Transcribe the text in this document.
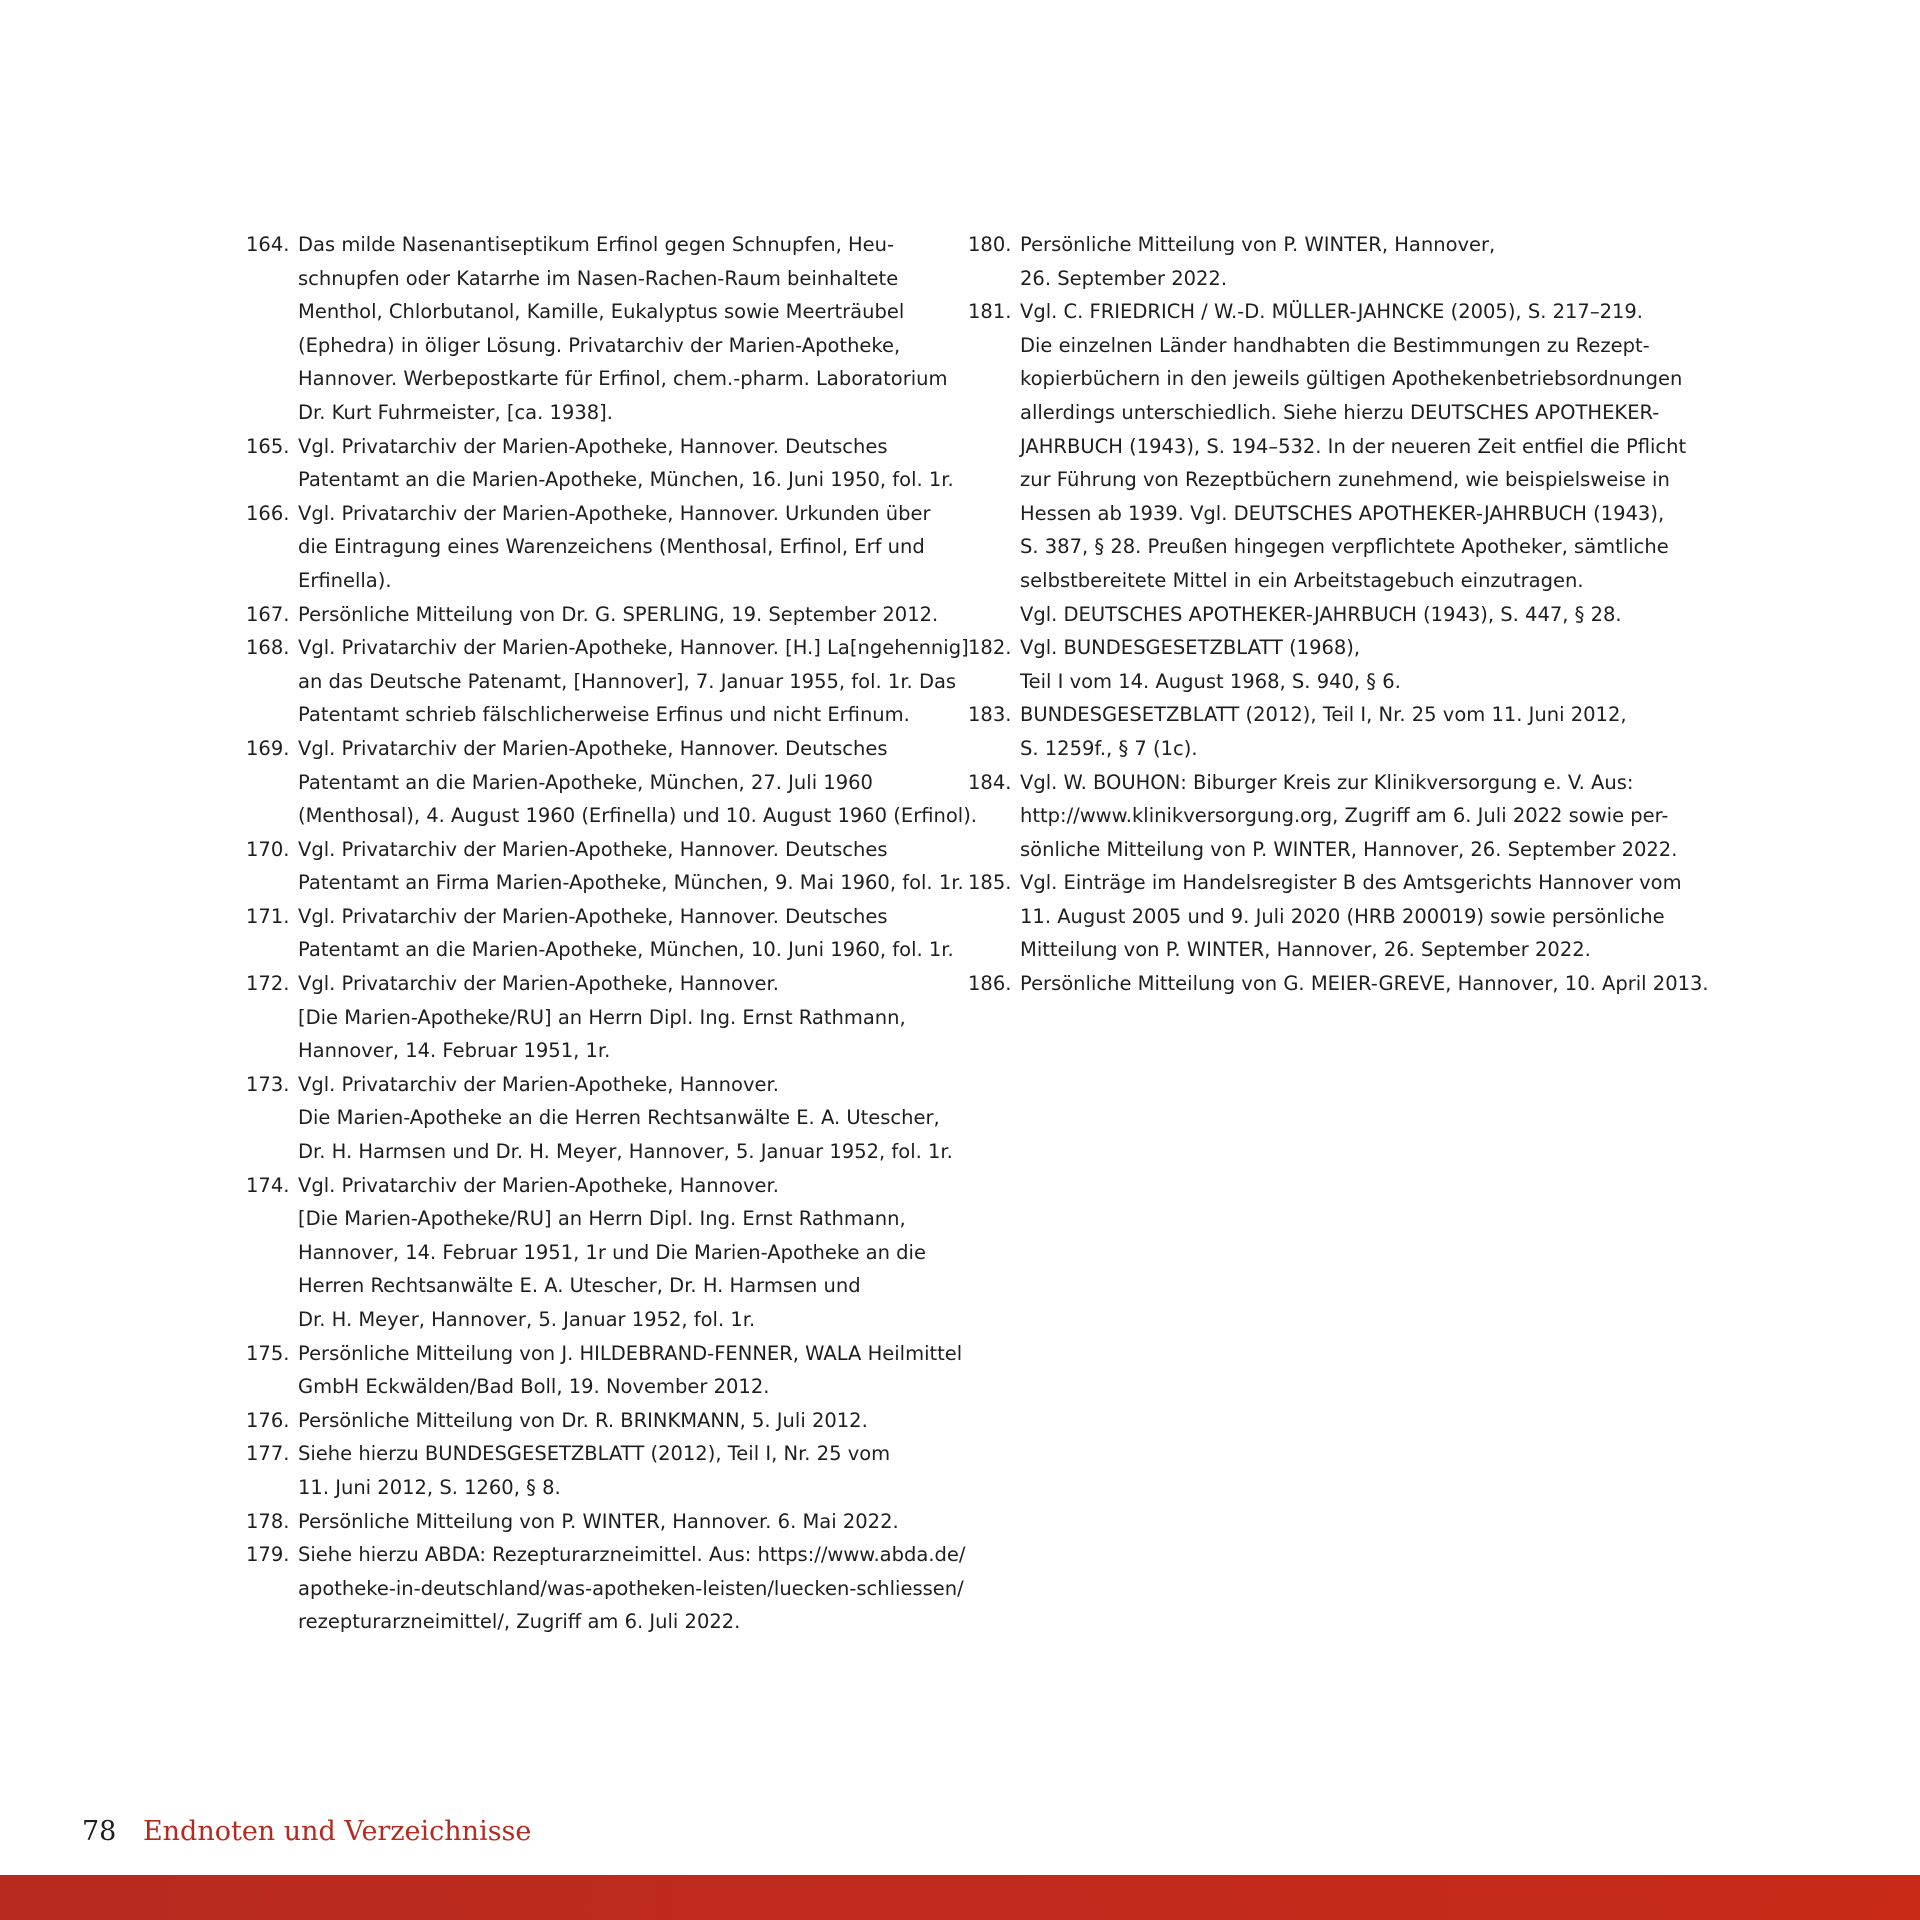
164. Das milde Nasenantiseptikum Erfinol gegen Schnupfen, Heu-
schnupfen oder Katarrhe im Nasen-Rachen-Raum beinhaltete
Menthol, Chlorbutanol, Kamille, Eukalyptus sowie Meerträubel
(Ephedra) in öliger Lösung. Privatarchiv der Marien-Apotheke,
Hannover. Werbepostkarte für Erfinol, chem.-pharm. Laboratorium
Dr. Kurt Fuhrmeister, [ca. 1938].
165. Vgl. Privatarchiv der Marien-Apotheke, Hannover. Deutsches
Patentamt an die Marien-Apotheke, München, 16. Juni 1950, fol. 1r.
166. Vgl. Privatarchiv der Marien-Apotheke, Hannover. Urkunden über
die Eintragung eines Warenzeichens (Menthosal, Erfinol, Erf und
Erfinella).
167. Persönliche Mitteilung von Dr. G. SPERLING, 19. September 2012.
168. Vgl. Privatarchiv der Marien-Apotheke, Hannover. [H.] La[ngehennig]
an das Deutsche Patenamt, [Hannover], 7. Januar 1955, fol. 1r. Das
Patentamt schrieb fälschlicherweise Erfinus und nicht Erfinum.
169. Vgl. Privatarchiv der Marien-Apotheke, Hannover. Deutsches
Patentamt an die Marien-Apotheke, München, 27. Juli 1960
(Menthosal), 4. August 1960 (Erfinella) und 10. August 1960 (Erfinol).
170. Vgl. Privatarchiv der Marien-Apotheke, Hannover. Deutsches
Patentamt an Firma Marien-Apotheke, München, 9. Mai 1960, fol. 1r.
171. Vgl. Privatarchiv der Marien-Apotheke, Hannover. Deutsches
Patentamt an die Marien-Apotheke, München, 10. Juni 1960, fol. 1r.
172. Vgl. Privatarchiv der Marien-Apotheke, Hannover.
[Die Marien-Apotheke/RU] an Herrn Dipl. Ing. Ernst Rathmann,
Hannover, 14. Februar 1951, 1r.
173. Vgl. Privatarchiv der Marien-Apotheke, Hannover.
Die Marien-Apotheke an die Herren Rechtsanwälte E. A. Utescher,
Dr. H. Harmsen und Dr. H. Meyer, Hannover, 5. Januar 1952, fol. 1r.
174. Vgl. Privatarchiv der Marien-Apotheke, Hannover.
[Die Marien-Apotheke/RU] an Herrn Dipl. Ing. Ernst Rathmann,
Hannover, 14. Februar 1951, 1r und Die Marien-Apotheke an die
Herren Rechtsanwälte E. A. Utescher, Dr. H. Harmsen und
Dr. H. Meyer, Hannover, 5. Januar 1952, fol. 1r.
175. Persönliche Mitteilung von J. HILDEBRAND-FENNER, WALA Heilmittel
GmbH Eckwälden/Bad Boll, 19. November 2012.
176. Persönliche Mitteilung von Dr. R. BRINKMANN, 5. Juli 2012.
177. Siehe hierzu BUNDESGESETZBLATT (2012), Teil I, Nr. 25 vom
11. Juni 2012, S. 1260, § 8.
178. Persönliche Mitteilung von P. WINTER, Hannover. 6. Mai 2022.
179. Siehe hierzu ABDA: Rezepturarzneimittel. Aus: https://www.abda.de/
apotheke-in-deutschland/was-apotheken-leisten/luecken-schliessen/
rezepturarzneimittel/, Zugriff am 6. Juli 2022.
180. Persönliche Mitteilung von P. WINTER, Hannover,
26. September 2022.
181. Vgl. C. FRIEDRICH / W.-D. MÜLLER-JAHNCKE (2005), S. 217–219.
Die einzelnen Länder handhabten die Bestimmungen zu Rezept-
kopierbüchern in den jeweils gültigen Apothekenbetriebsordnungen
allerdings unterschiedlich. Siehe hierzu DEUTSCHES APOTHEKER-
JAHRBUCH (1943), S. 194–532. In der neueren Zeit entfiel die Pflicht
zur Führung von Rezeptbüchern zunehmend, wie beispielsweise in
Hessen ab 1939. Vgl. DEUTSCHES APOTHEKER-JAHRBUCH (1943),
S. 387, § 28. Preußen hingegen verpflichtete Apotheker, sämtliche
selbstbereitete Mittel in ein Arbeitstagebuch einzutragen.
Vgl. DEUTSCHES APOTHEKER-JAHRBUCH (1943), S. 447, § 28.
182. Vgl. BUNDESGESETZBLATT (1968),
Teil I vom 14. August 1968, S. 940, § 6.
183. BUNDESGESETZBLATT (2012), Teil I, Nr. 25 vom 11. Juni 2012,
S. 1259f., § 7 (1c).
184. Vgl. W. BOUHON: Biburger Kreis zur Klinikversorgung e. V. Aus:
http://www.klinikversorgung.org, Zugriff am 6. Juli 2022 sowie per-
sönliche Mitteilung von P. WINTER, Hannover, 26. September 2022.
185. Vgl. Einträge im Handelsregister B des Amtsgerichts Hannover vom
11. August 2005 und 9. Juli 2020 (HRB 200019) sowie persönliche
Mitteilung von P. WINTER, Hannover, 26. September 2022.
186. Persönliche Mitteilung von G. MEIER-GREVE, Hannover, 10. April 2013.
78 Endnoten und Verzeichnisse
